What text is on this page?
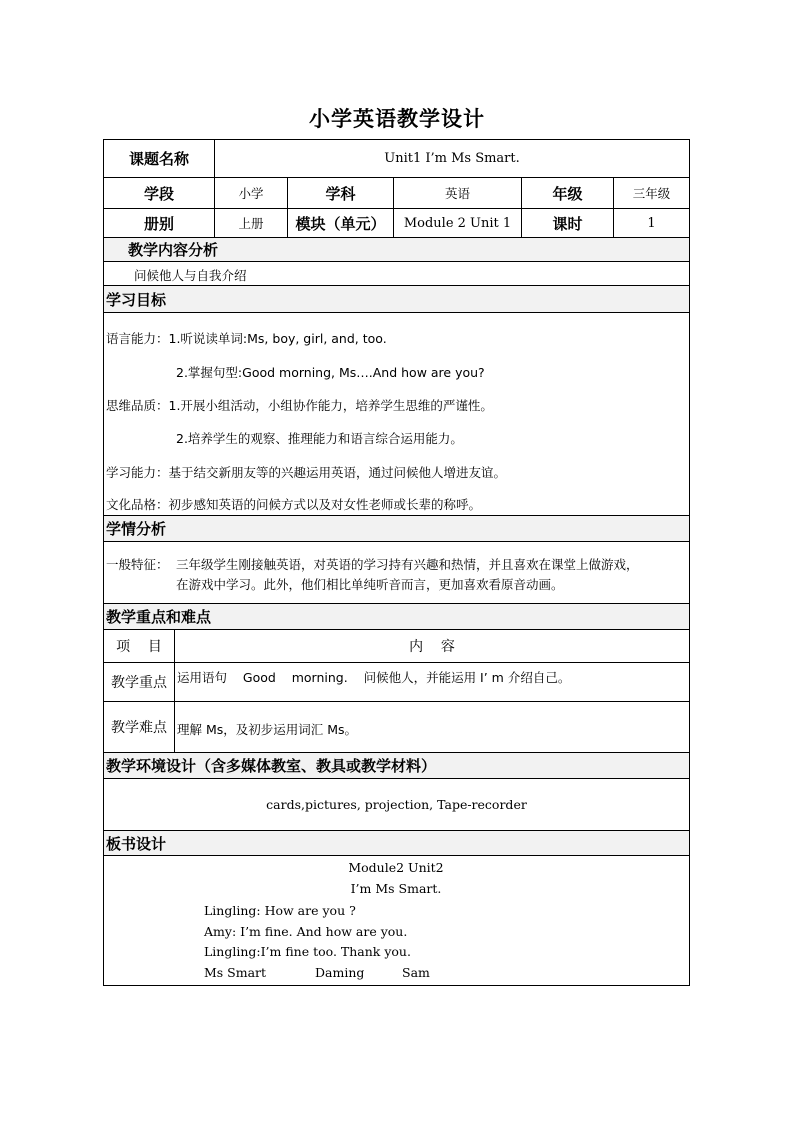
小学英语教学设计
课题名称	Unit1 I’m Ms Smart.
学段	小学	学科	英语	年级	三年级
册别	上册	模块（单元）	Module 2 Unit 1	课时	1
教学内容分析
问候他人与自我介绍
学习目标
语言能力：1.听说读单词:Ms, boy, girl, and, too.
2.掌握句型:Good morning, Ms….And how are you?
思维品质：1.开展小组活动，小组协作能力，培养学生思维的严谨性。
2.培养学生的观察、推理能力和语言综合运用能力。
学习能力：基于结交新朋友等的兴趣运用英语，通过问候他人增进友谊。
文化品格：初步感知英语的问候方式以及对女性老师或长辈的称呼。
学情分析
一般特征： 三年级学生刚接触英语，对英语的学习持有兴趣和热情，并且喜欢在课堂上做游戏，
在游戏中学习。此外，他们相比单纯听音而言，更加喜欢看原音动画。
教学重点和难点
项    目	内    容
教学重点 运用语句    Good    morning.    问候他人，并能运用 I’ m 介绍自己。
教学难点 理解 Ms，及初步运用词汇 Ms。
教学环境设计（含多媒体教室、教具或教学材料）
cards,pictures, projection, Tape-recorder
板书设计
Module2 Unit2
I’m Ms Smart.
Lingling: How are you ?
Amy: I’m fine. And how are you.
Lingling:I’m fine too. Thank you.
Ms Smart	Daming	Sam
